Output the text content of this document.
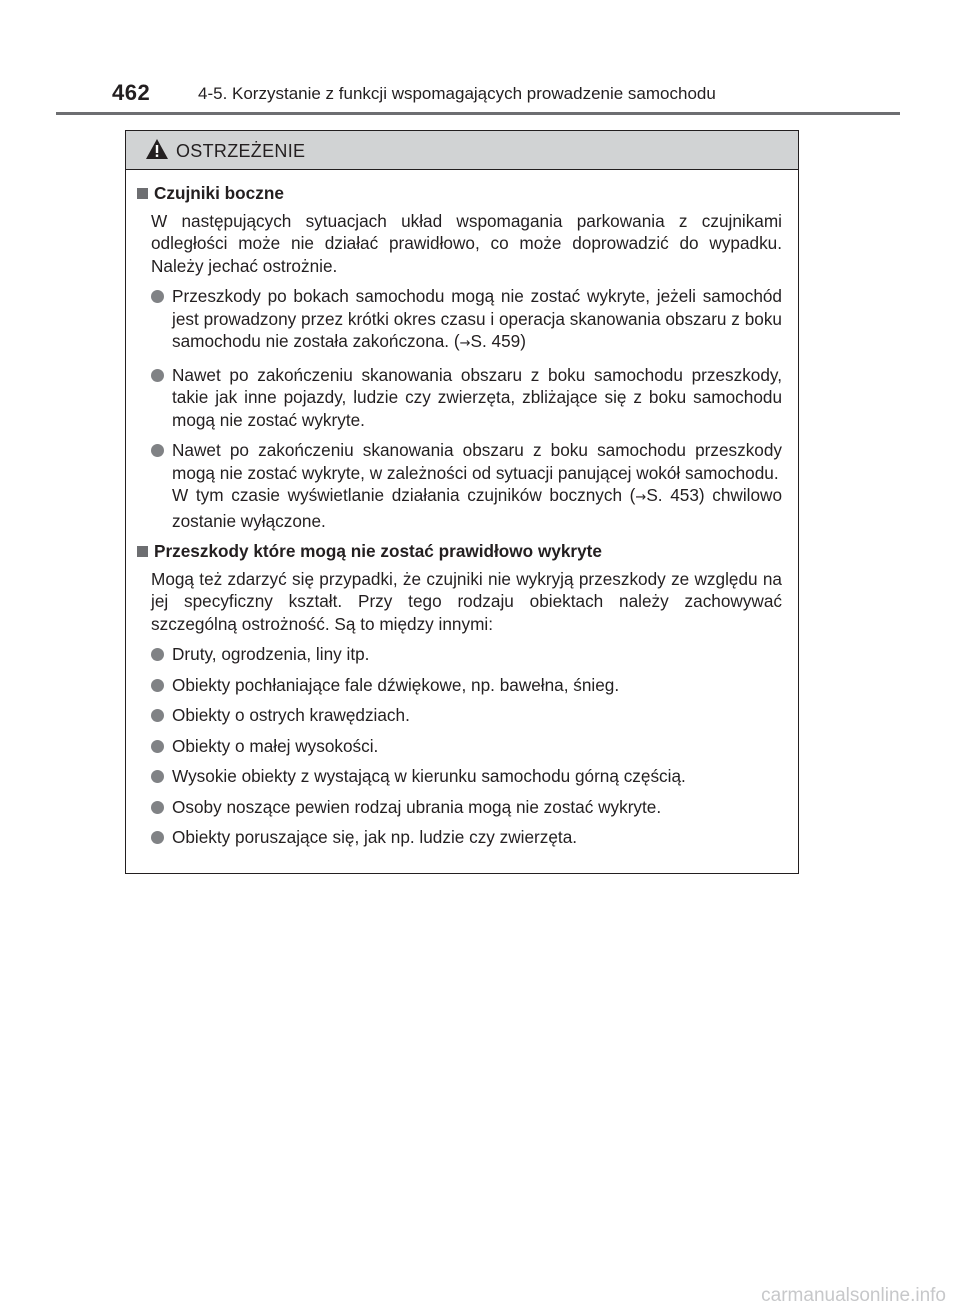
462	4-5. Korzystanie z funkcji wspomagających prowadzenie samochodu
OSTRZEŻENIE
Czujniki boczne
W następujących sytuacjach układ wspomagania parkowania z czujnikami odległości może nie działać prawidłowo, co może doprowadzić do wypadku. Należy jechać ostrożnie.
Przeszkody po bokach samochodu mogą nie zostać wykryte, jeżeli samochód jest prowadzony przez krótki okres czasu i operacja skanowania obszaru z boku samochodu nie została zakończona. (→S. 459)
Nawet po zakończeniu skanowania obszaru z boku samochodu przeszkody, takie jak inne pojazdy, ludzie czy zwierzęta, zbliżające się z boku samochodu mogą nie zostać wykryte.
Nawet po zakończeniu skanowania obszaru z boku samochodu przeszkody mogą nie zostać wykryte, w zależności od sytuacji panującej wokół samochodu.
W tym czasie wyświetlanie działania czujników bocznych (→S. 453) chwilowo zostanie wyłączone.
Przeszkody które mogą nie zostać prawidłowo wykryte
Mogą też zdarzyć się przypadki, że czujniki nie wykryją przeszkody ze względu na jej specyficzny kształt. Przy tego rodzaju obiektach należy zachowywać szczególną ostrożność. Są to między innymi:
Druty, ogrodzenia, liny itp.
Obiekty pochłaniające fale dźwiękowe, np. bawełna, śnieg.
Obiekty o ostrych krawędziach.
Obiekty o małej wysokości.
Wysokie obiekty z wystającą w kierunku samochodu górną częścią.
Osoby noszące pewien rodzaj ubrania mogą nie zostać wykryte.
Obiekty poruszające się, jak np. ludzie czy zwierzęta.
carmanualsonline.info
